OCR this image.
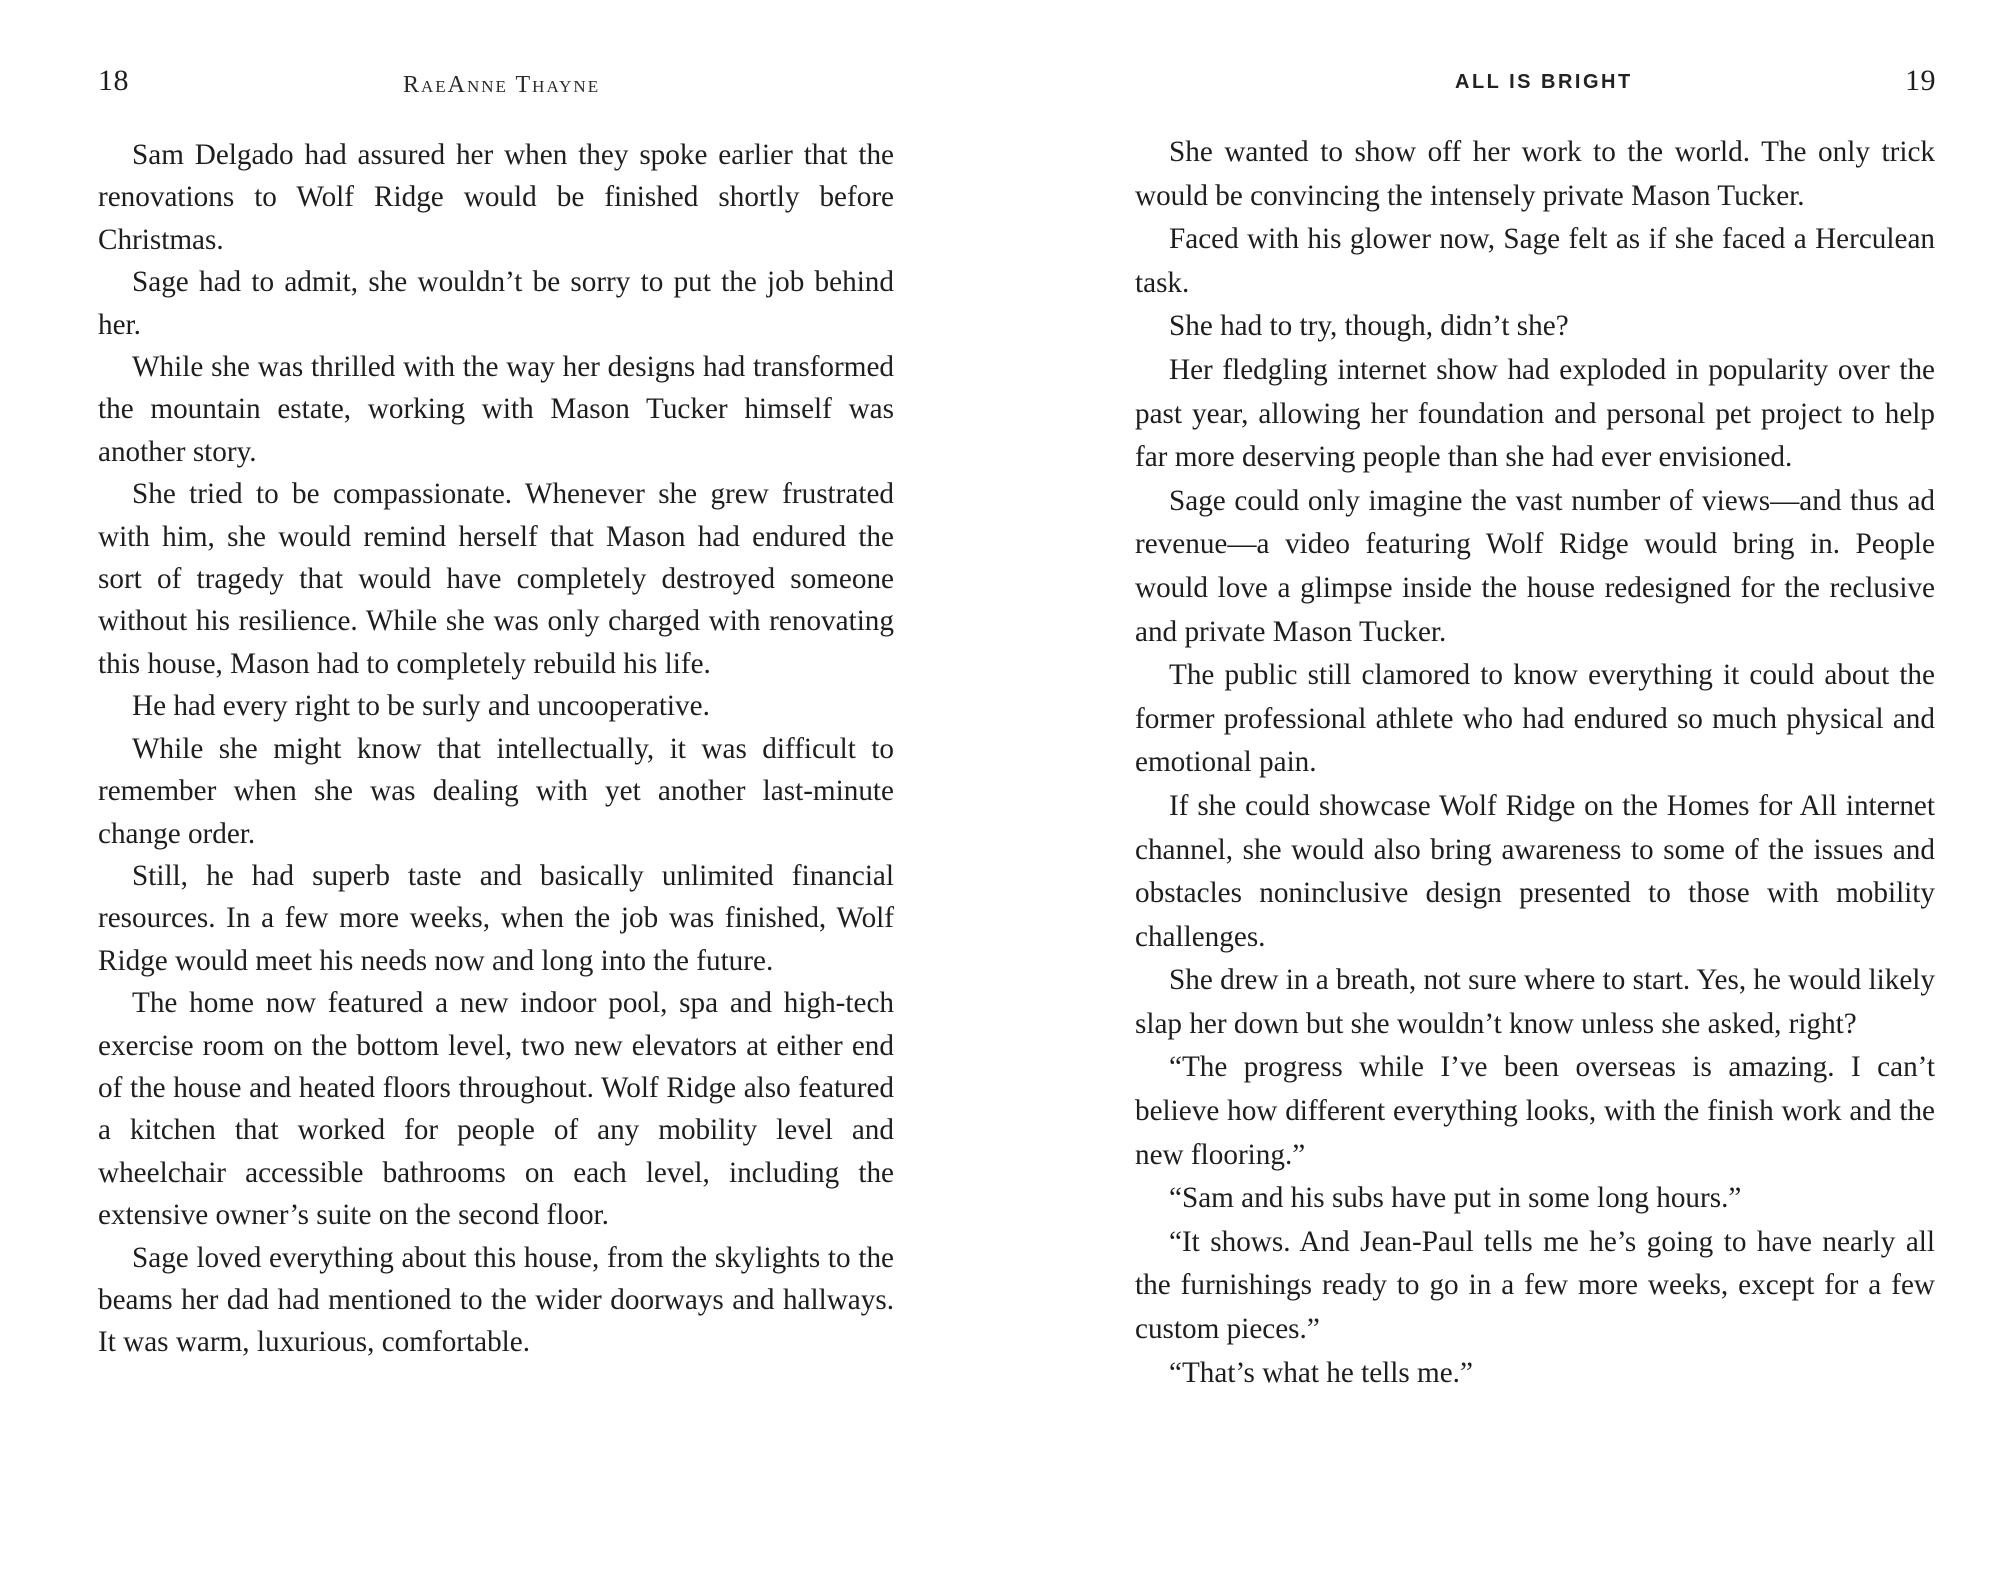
18	RaeAnne Thayne

Sam Delgado had assured her when they spoke earlier that the renovations to Wolf Ridge would be finished shortly before Christmas.

Sage had to admit, she wouldn’t be sorry to put the job behind her.

While she was thrilled with the way her designs had transformed the mountain estate, working with Mason Tucker himself was another story.

She tried to be compassionate. Whenever she grew frustrated with him, she would remind herself that Mason had endured the sort of tragedy that would have completely destroyed someone without his resilience. While she was only charged with renovating this house, Mason had to completely rebuild his life.

He had every right to be surly and uncooperative.

While she might know that intellectually, it was difficult to remember when she was dealing with yet another last-minute change order.

Still, he had superb taste and basically unlimited financial resources. In a few more weeks, when the job was finished, Wolf Ridge would meet his needs now and long into the future.

The home now featured a new indoor pool, spa and high-tech exercise room on the bottom level, two new elevators at either end of the house and heated floors throughout. Wolf Ridge also featured a kitchen that worked for people of any mobility level and wheelchair accessible bathrooms on each level, including the extensive owner’s suite on the second floor.

Sage loved everything about this house, from the skylights to the beams her dad had mentioned to the wider doorways and hallways. It was warm, luxurious, comfortable.

ALL IS BRIGHT	19

She wanted to show off her work to the world. The only trick would be convincing the intensely private Mason Tucker.

Faced with his glower now, Sage felt as if she faced a Herculean task.

She had to try, though, didn’t she?

Her fledgling internet show had exploded in popularity over the past year, allowing her foundation and personal pet project to help far more deserving people than she had ever envisioned.

Sage could only imagine the vast number of views—and thus ad revenue—a video featuring Wolf Ridge would bring in. People would love a glimpse inside the house redesigned for the reclusive and private Mason Tucker.

The public still clamored to know everything it could about the former professional athlete who had endured so much physical and emotional pain.

If she could showcase Wolf Ridge on the Homes for All internet channel, she would also bring awareness to some of the issues and obstacles noninclusive design presented to those with mobility challenges.

She drew in a breath, not sure where to start. Yes, he would likely slap her down but she wouldn’t know unless she asked, right?

“The progress while I’ve been overseas is amazing. I can’t believe how different everything looks, with the finish work and the new flooring.”

“Sam and his subs have put in some long hours.”

“It shows. And Jean-Paul tells me he’s going to have nearly all the furnishings ready to go in a few more weeks, except for a few custom pieces.”

“That’s what he tells me.”
